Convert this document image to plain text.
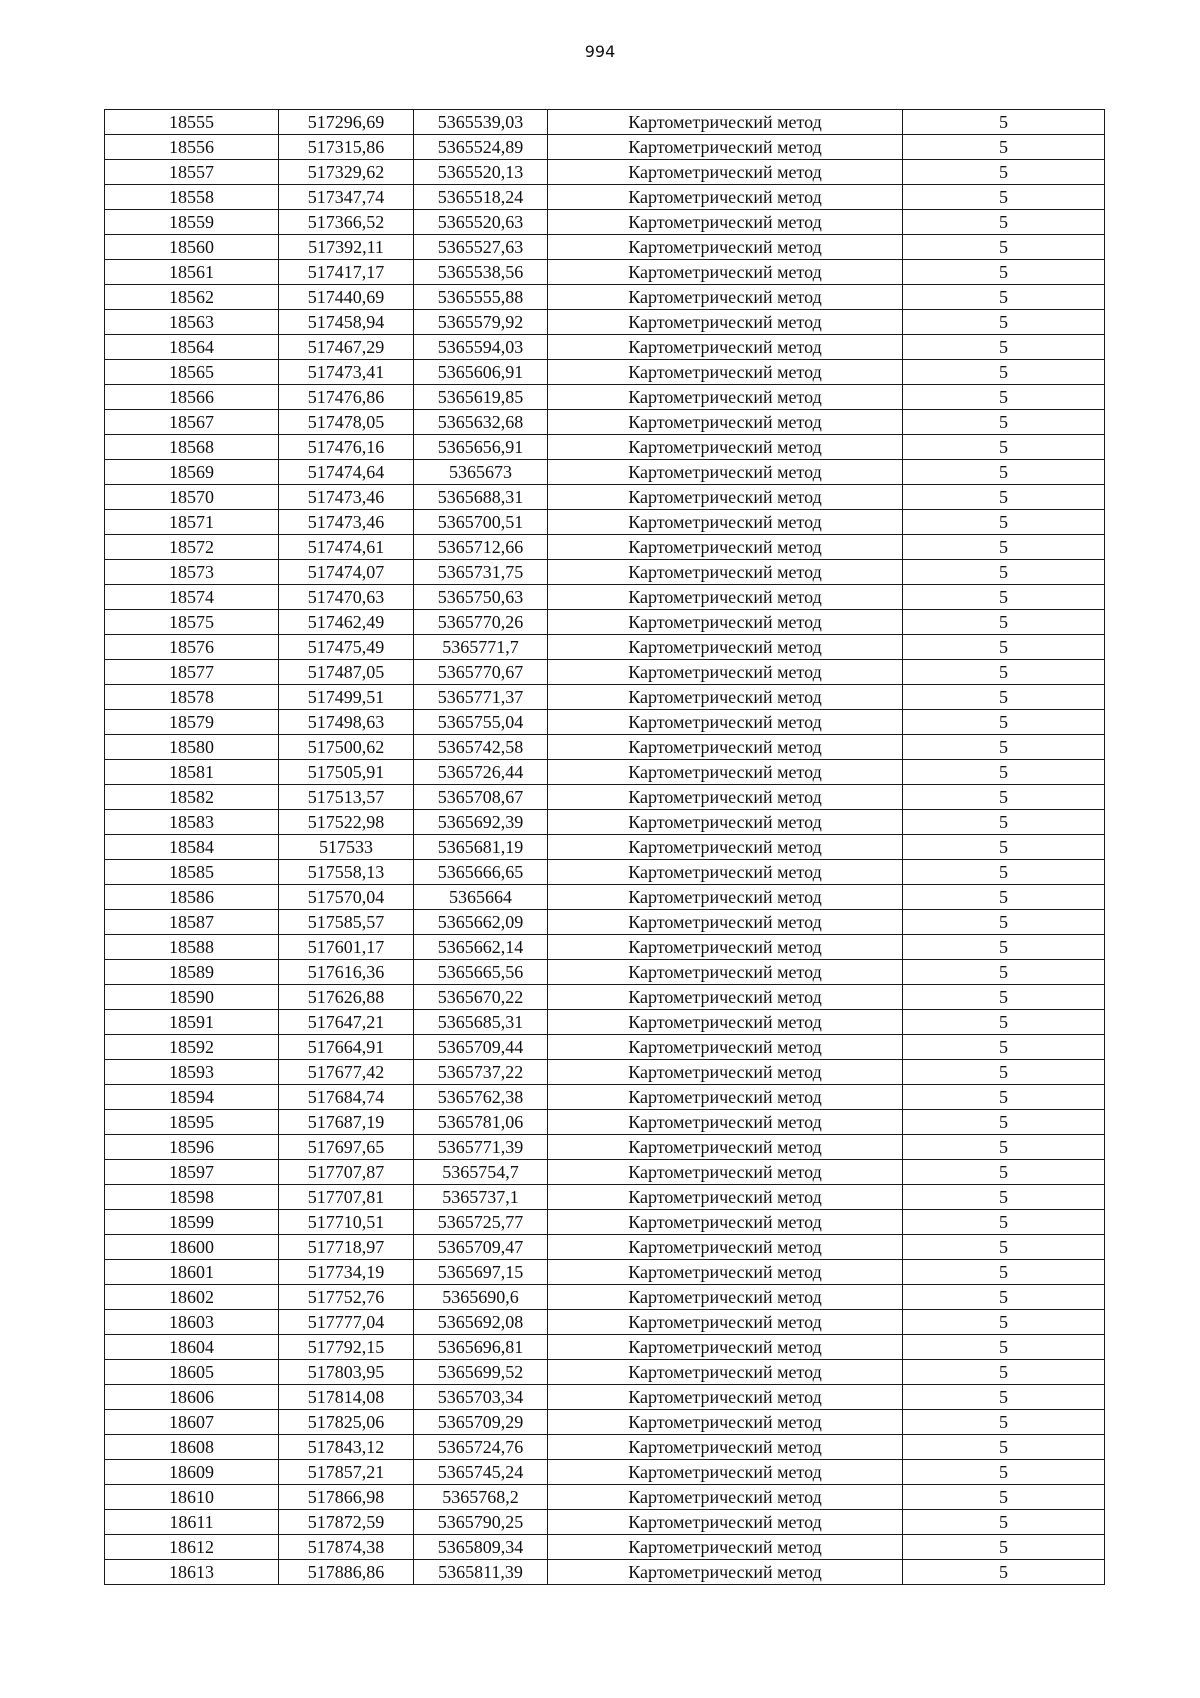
994
18555	517296,69	5365539,03	Картометрический метод	5
18556	517315,86	5365524,89	Картометрический метод	5
18557	517329,62	5365520,13	Картометрический метод	5
18558	517347,74	5365518,24	Картометрический метод	5
18559	517366,52	5365520,63	Картометрический метод	5
18560	517392,11	5365527,63	Картометрический метод	5
18561	517417,17	5365538,56	Картометрический метод	5
18562	517440,69	5365555,88	Картометрический метод	5
18563	517458,94	5365579,92	Картометрический метод	5
18564	517467,29	5365594,03	Картометрический метод	5
18565	517473,41	5365606,91	Картометрический метод	5
18566	517476,86	5365619,85	Картометрический метод	5
18567	517478,05	5365632,68	Картометрический метод	5
18568	517476,16	5365656,91	Картометрический метод	5
18569	517474,64	5365673	Картометрический метод	5
18570	517473,46	5365688,31	Картометрический метод	5
18571	517473,46	5365700,51	Картометрический метод	5
18572	517474,61	5365712,66	Картометрический метод	5
18573	517474,07	5365731,75	Картометрический метод	5
18574	517470,63	5365750,63	Картометрический метод	5
18575	517462,49	5365770,26	Картометрический метод	5
18576	517475,49	5365771,7	Картометрический метод	5
18577	517487,05	5365770,67	Картометрический метод	5
18578	517499,51	5365771,37	Картометрический метод	5
18579	517498,63	5365755,04	Картометрический метод	5
18580	517500,62	5365742,58	Картометрический метод	5
18581	517505,91	5365726,44	Картометрический метод	5
18582	517513,57	5365708,67	Картометрический метод	5
18583	517522,98	5365692,39	Картометрический метод	5
18584	517533	5365681,19	Картометрический метод	5
18585	517558,13	5365666,65	Картометрический метод	5
18586	517570,04	5365664	Картометрический метод	5
18587	517585,57	5365662,09	Картометрический метод	5
18588	517601,17	5365662,14	Картометрический метод	5
18589	517616,36	5365665,56	Картометрический метод	5
18590	517626,88	5365670,22	Картометрический метод	5
18591	517647,21	5365685,31	Картометрический метод	5
18592	517664,91	5365709,44	Картометрический метод	5
18593	517677,42	5365737,22	Картометрический метод	5
18594	517684,74	5365762,38	Картометрический метод	5
18595	517687,19	5365781,06	Картометрический метод	5
18596	517697,65	5365771,39	Картометрический метод	5
18597	517707,87	5365754,7	Картометрический метод	5
18598	517707,81	5365737,1	Картометрический метод	5
18599	517710,51	5365725,77	Картометрический метод	5
18600	517718,97	5365709,47	Картометрический метод	5
18601	517734,19	5365697,15	Картометрический метод	5
18602	517752,76	5365690,6	Картометрический метод	5
18603	517777,04	5365692,08	Картометрический метод	5
18604	517792,15	5365696,81	Картометрический метод	5
18605	517803,95	5365699,52	Картометрический метод	5
18606	517814,08	5365703,34	Картометрический метод	5
18607	517825,06	5365709,29	Картометрический метод	5
18608	517843,12	5365724,76	Картометрический метод	5
18609	517857,21	5365745,24	Картометрический метод	5
18610	517866,98	5365768,2	Картометрический метод	5
18611	517872,59	5365790,25	Картометрический метод	5
18612	517874,38	5365809,34	Картометрический метод	5
18613	517886,86	5365811,39	Картометрический метод	5
